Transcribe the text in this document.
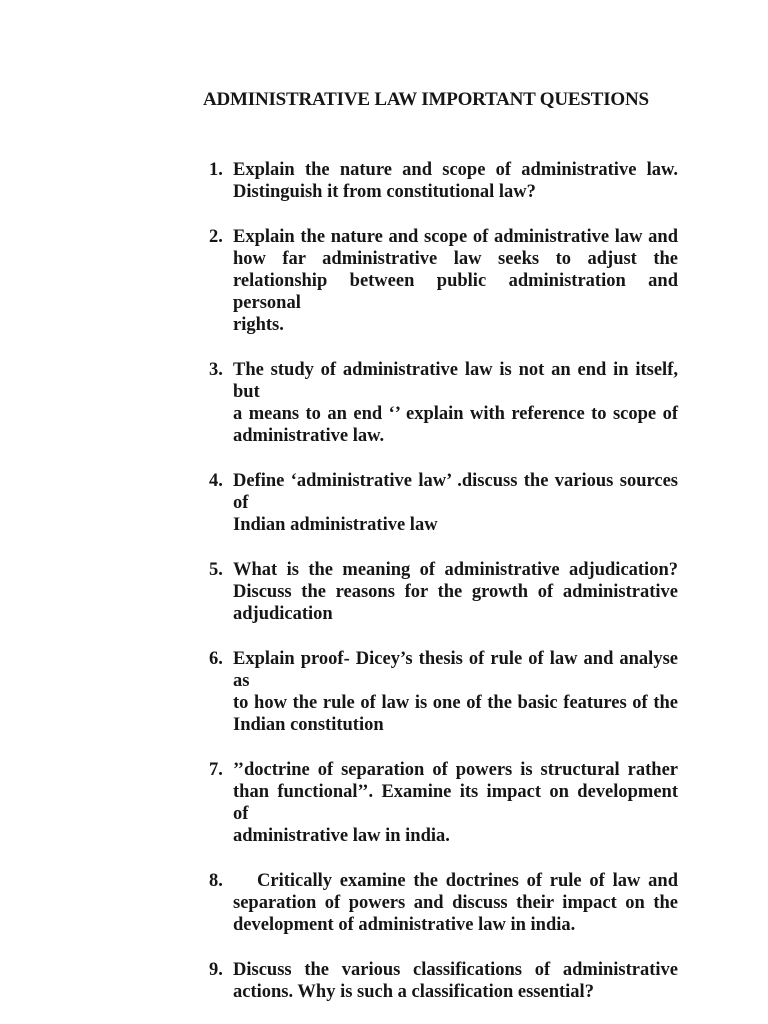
ADMINISTRATIVE LAW IMPORTANT QUESTIONS
1. Explain the nature and scope of administrative law.
Distinguish it from constitutional law?
2. Explain the nature and scope of administrative law and
how far administrative law seeks to adjust the
relationship between public administration and personal
rights.
3. The study of administrative law is not an end in itself, but
a means to an end ‘’ explain with reference to scope of
administrative law.
4. Define ‘administrative law’ .discuss the various sources of
Indian administrative law
5. What is the meaning of administrative adjudication?
Discuss the reasons for the growth of administrative
adjudication
6. Explain proof- Dicey’s thesis of rule of law and analyse as
to how the rule of law is one of the basic features of the
Indian constitution
7. ’’doctrine of separation of powers is structural rather
than functional’’. Examine its impact on development of
administrative law in india.
8.	Critically examine the doctrines of rule of law and
separation of powers and discuss their impact on the
development of administrative law in india.
9. Discuss the various classifications of administrative
actions. Why is such a classification essential?
